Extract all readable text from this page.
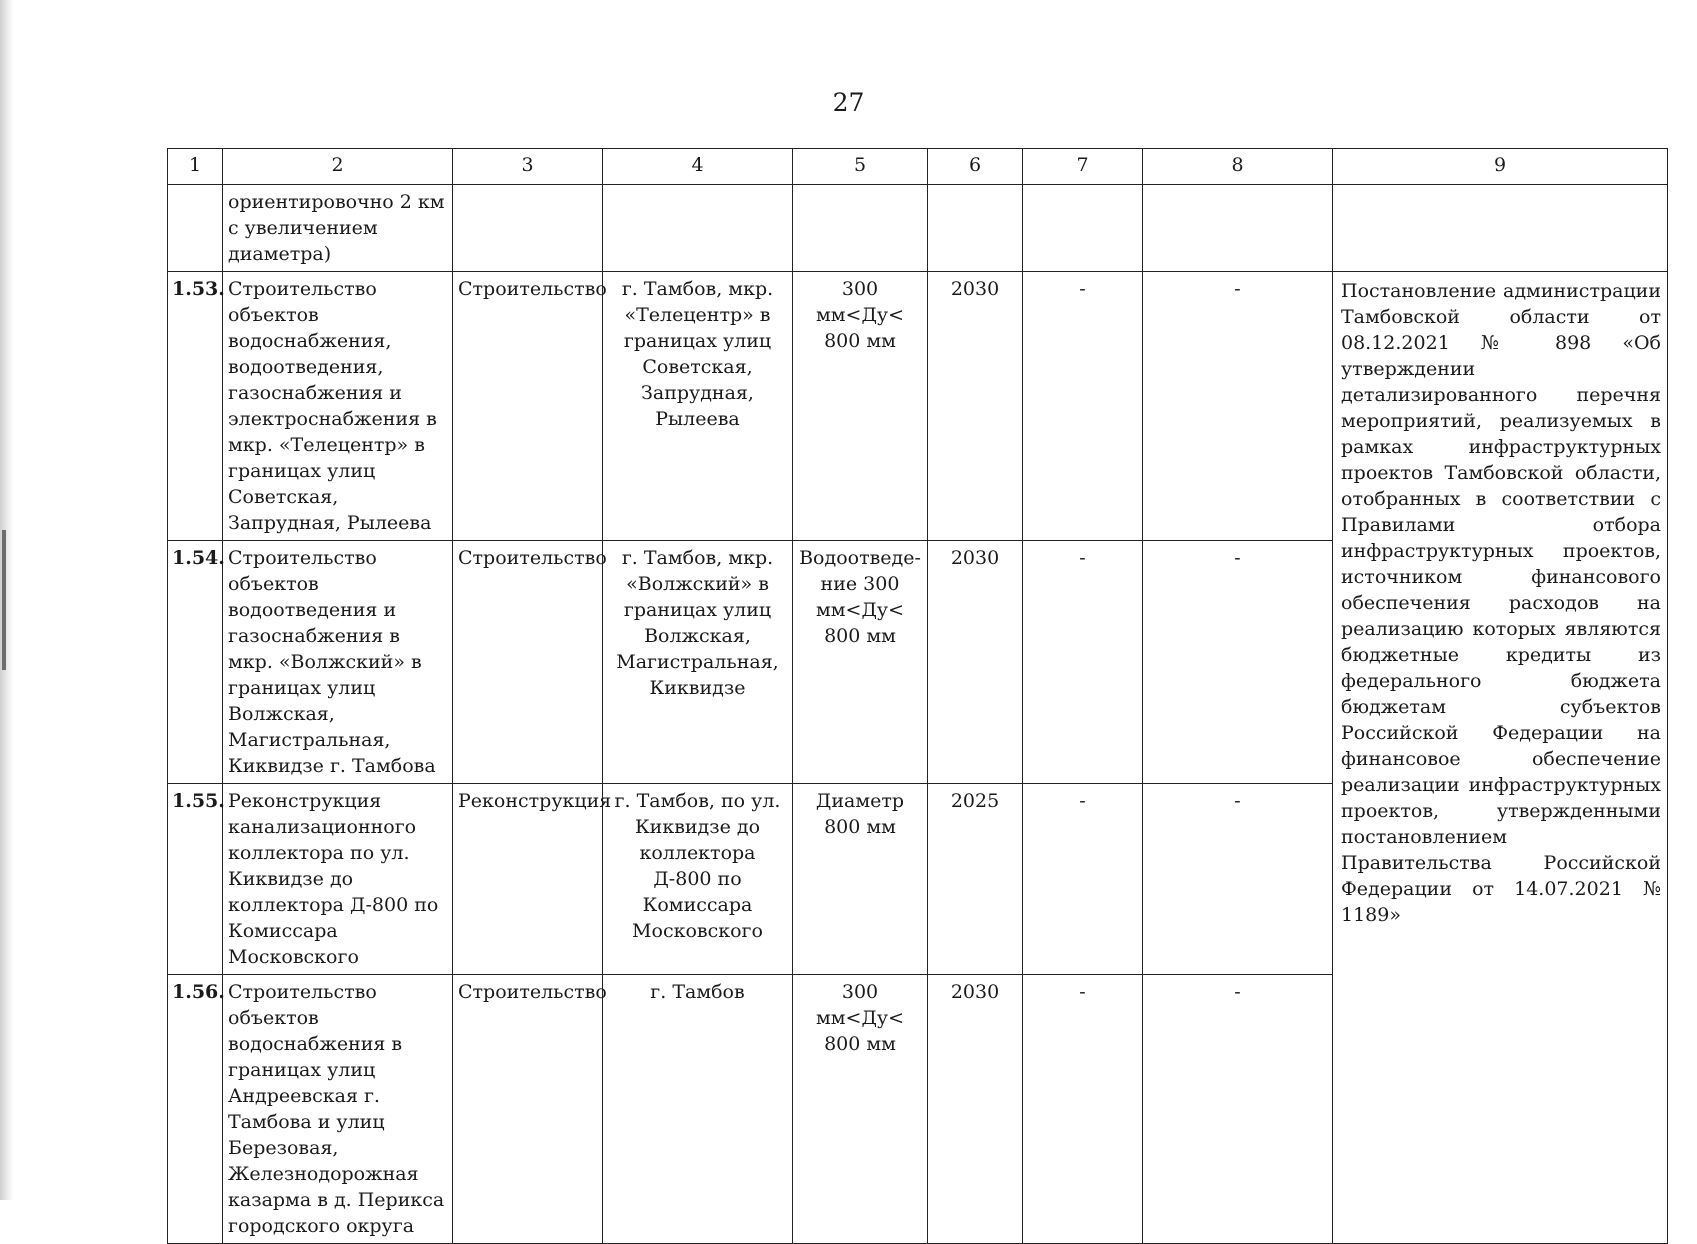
27
1	2	3	4	5	6	7	8	9
	ориентировочно 2 км с увеличением диаметра)							
1.53.	Строительство объектов водоснабжения, водоотведения, газоснабжения и электроснабжения в мкр. «Телецентр» в границах улиц Советская, Запрудная, Рылеева	Строительство	г. Тамбов, мкр. «Телецентр» в границах улиц Советская, Запрудная, Рылеева	300 мм<Ду< 800 мм	2030	-	-	Постановление администрации Тамбовской области от 08.12.2021 № 898 «Об утверждении детализированного перечня мероприятий, реализуемых в рамках инфраструктурных проектов Тамбовской области, отобранных в соответствии с Правилами отбора инфраструктурных проектов, источником финансового обеспечения расходов на реализацию которых являются бюджетные кредиты из федерального бюджета бюджетам субъектов Российской Федерации на финансовое обеспечение реализации инфраструктурных проектов, утвержденными постановлением Правительства Российской Федерации от 14.07.2021 № 1189»
1.54.	Строительство объектов водоотведения и газоснабжения в мкр. «Волжский» в границах улиц Волжская, Магистральная, Киквидзе г. Тамбова	Строительство	г. Тамбов, мкр. «Волжский» в границах улиц Волжская, Магистральная, Киквидзе	Водоотведе-ние 300 мм<Ду< 800 мм	2030	-	-	
1.55.	Реконструкция канализационного коллектора по ул. Киквидзе до коллектора Д-800 по Комиссара Московского	Реконструкция	г. Тамбов, по ул. Киквидзе до коллектора Д-800 по Комиссара Московского	Диаметр 800 мм	2025	-	-	
1.56.	Строительство объектов водоснабжения в границах улиц Андреевская г. Тамбова и улиц Березовая, Железнодорожная казарма в д. Перикса городского округа	Строительство	г. Тамбов	300 мм<Ду< 800 мм	2030	-	-	
